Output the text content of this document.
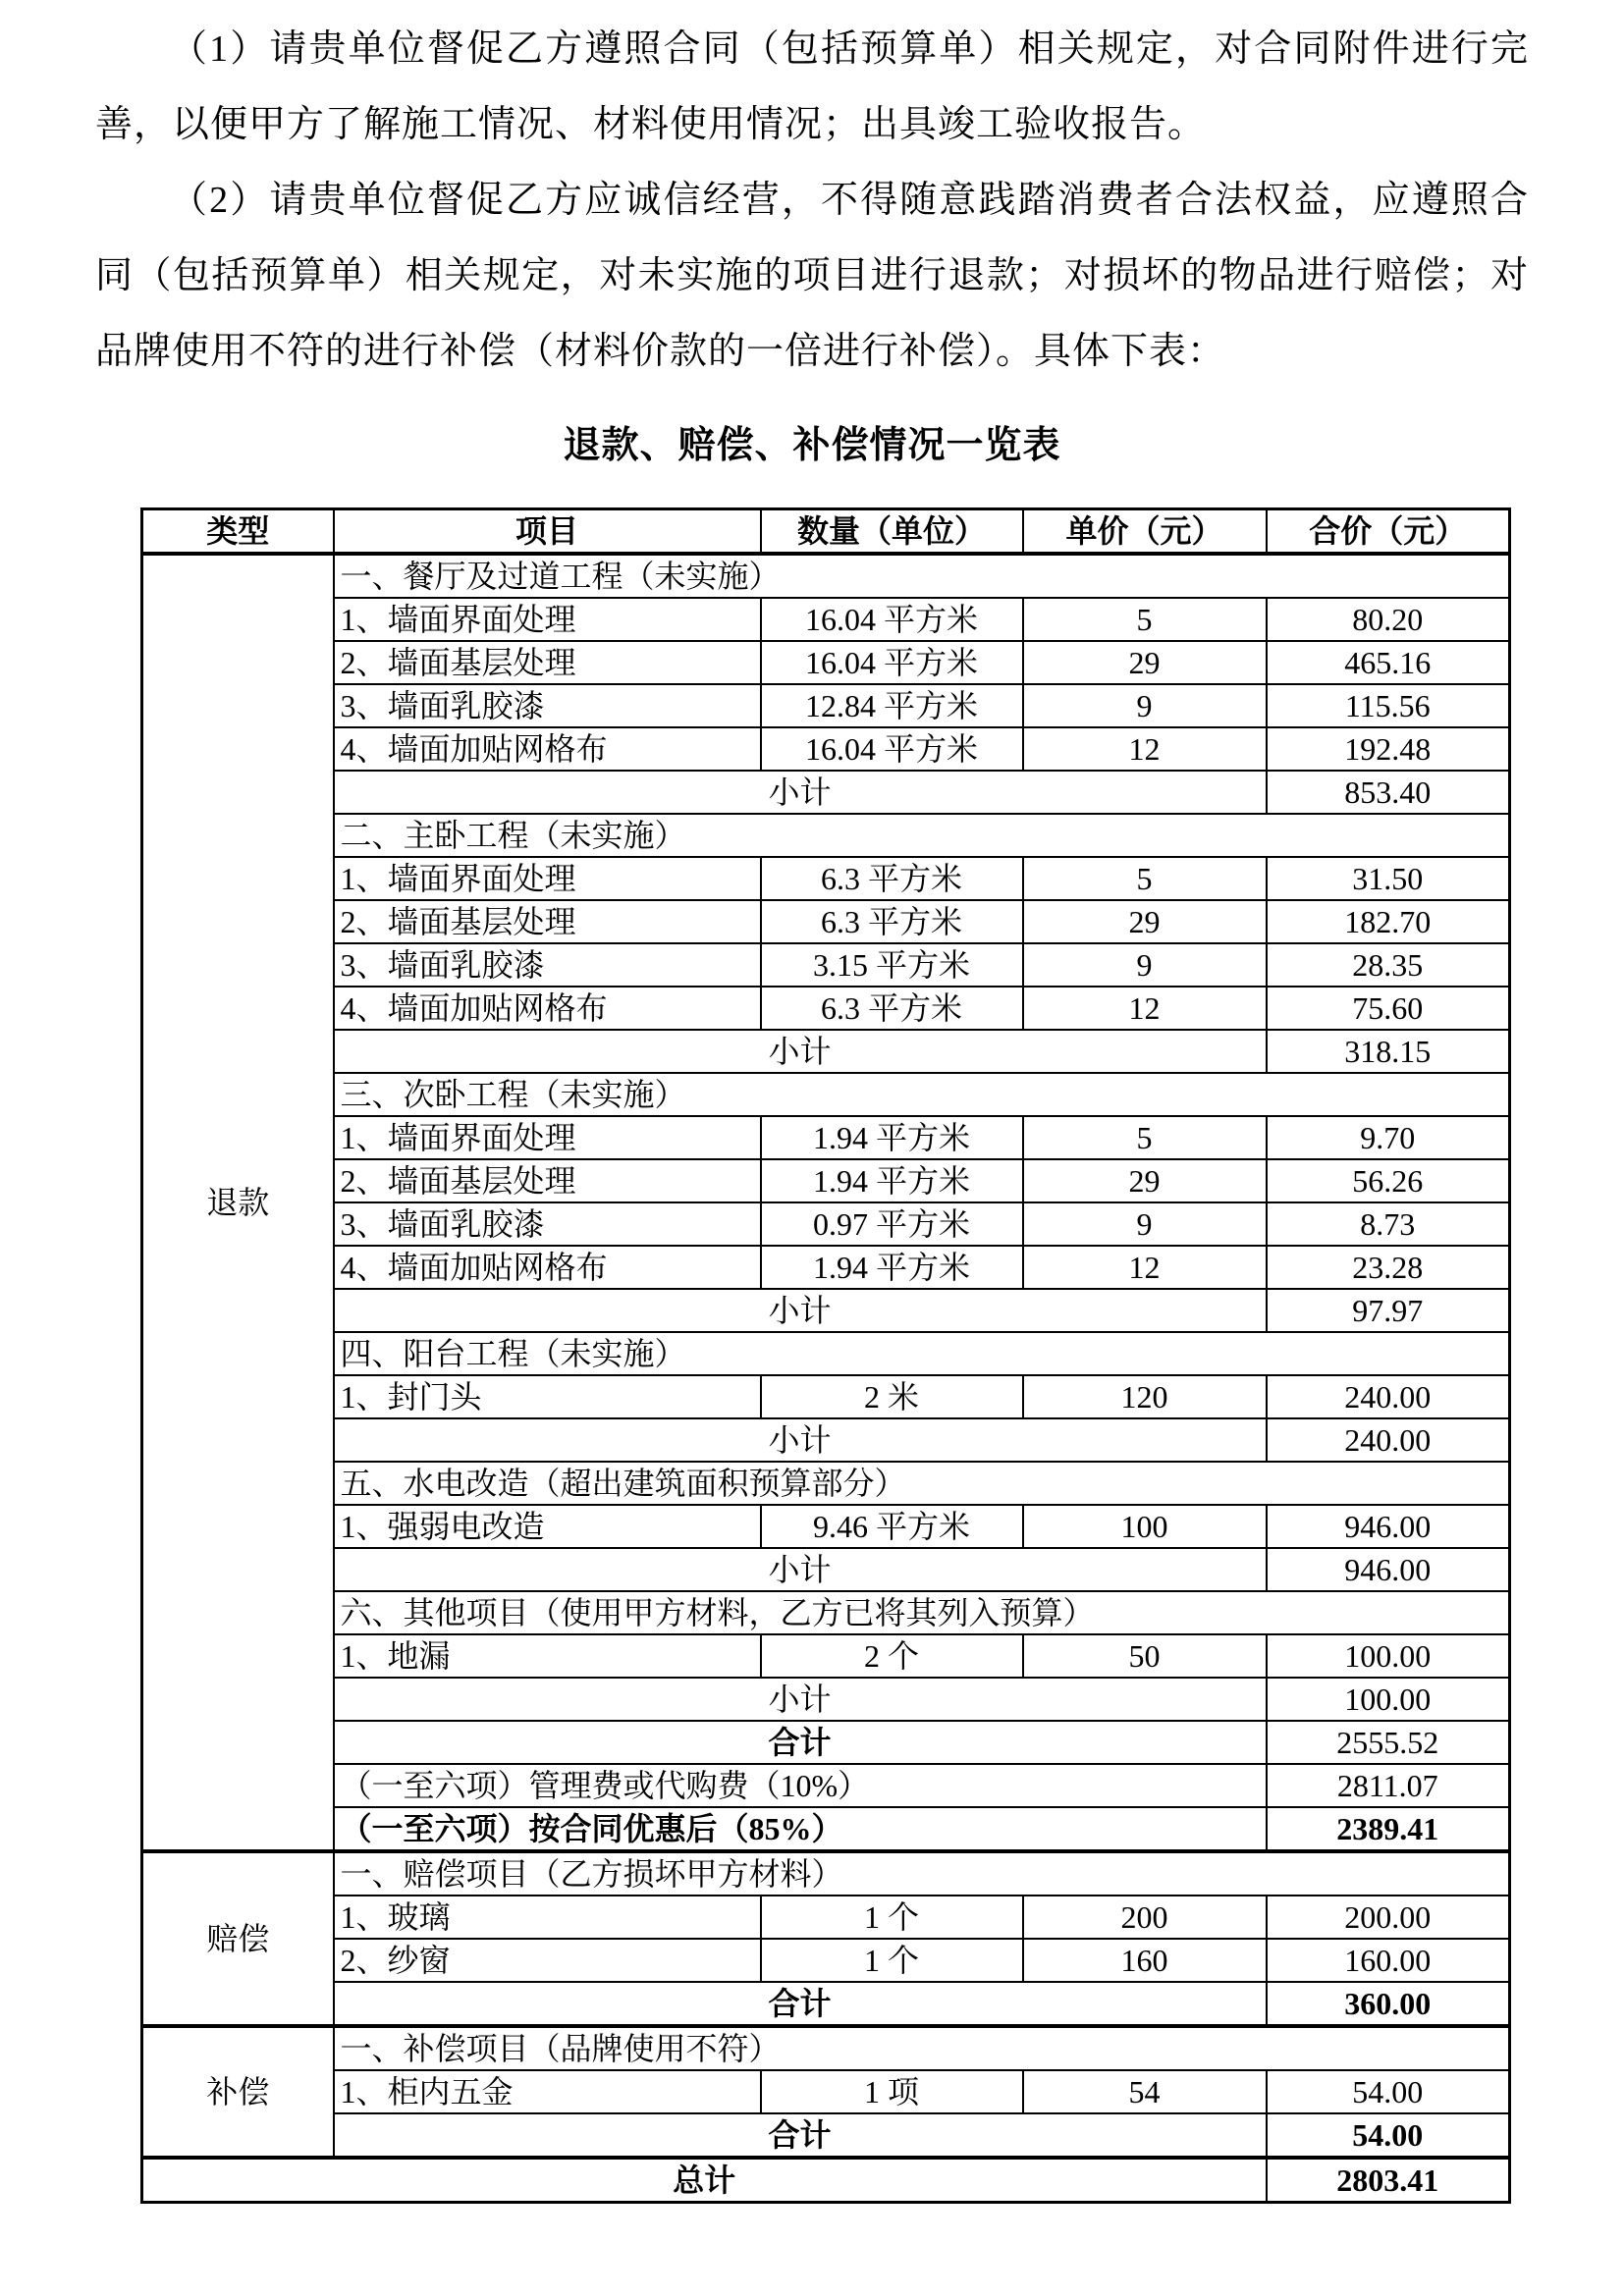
（1）请贵单位督促乙方遵照合同（包括预算单）相关规定，对合同附件进行完善，以便甲方了解施工情况、材料使用情况；出具竣工验收报告。

（2）请贵单位督促乙方应诚信经营，不得随意践踏消费者合法权益，应遵照合同（包括预算单）相关规定，对未实施的项目进行退款；对损坏的物品进行赔偿；对品牌使用不符的进行补偿（材料价款的一倍进行补偿）。具体下表：

退款、赔偿、补偿情况一览表
类型	项目	数量（单位）	单价（元）	合价（元）
退款	一、餐厅及过道工程（未实施）			
	1、墙面界面处理	16.04 平方米	5	80.20
	2、墙面基层处理	16.04 平方米	29	465.16
	3、墙面乳胶漆	12.84 平方米	9	115.56
	4、墙面加贴网格布	16.04 平方米	12	192.48
	小计			853.40
	二、主卧工程（未实施）			
	1、墙面界面处理	6.3 平方米	5	31.50
	2、墙面基层处理	6.3 平方米	29	182.70
	3、墙面乳胶漆	3.15 平方米	9	28.35
	4、墙面加贴网格布	6.3 平方米	12	75.60
	小计			318.15
	三、次卧工程（未实施）			
	1、墙面界面处理	1.94 平方米	5	9.70
	2、墙面基层处理	1.94 平方米	29	56.26
	3、墙面乳胶漆	0.97 平方米	9	8.73
	4、墙面加贴网格布	1.94 平方米	12	23.28
	小计			97.97
	四、阳台工程（未实施）			
	1、封门头	2 米	120	240.00
	小计			240.00
	五、水电改造（超出建筑面积预算部分）			
	1、强弱电改造	9.46 平方米	100	946.00
	小计			946.00
	六、其他项目（使用甲方材料，乙方已将其列入预算）			
	1、地漏	2 个	50	100.00
	小计			100.00
	合计			2555.52
	（一至六项）管理费或代购费（10%）			2811.07
	（一至六项）按合同优惠后（85%）			2389.41
赔偿	一、赔偿项目（乙方损坏甲方材料）			
	1、玻璃	1 个	200	200.00
	2、纱窗	1 个	160	160.00
	合计			360.00
补偿	一、补偿项目（品牌使用不符）			
	1、柜内五金	1 项	54	54.00
	合计			54.00
总计				2803.41
